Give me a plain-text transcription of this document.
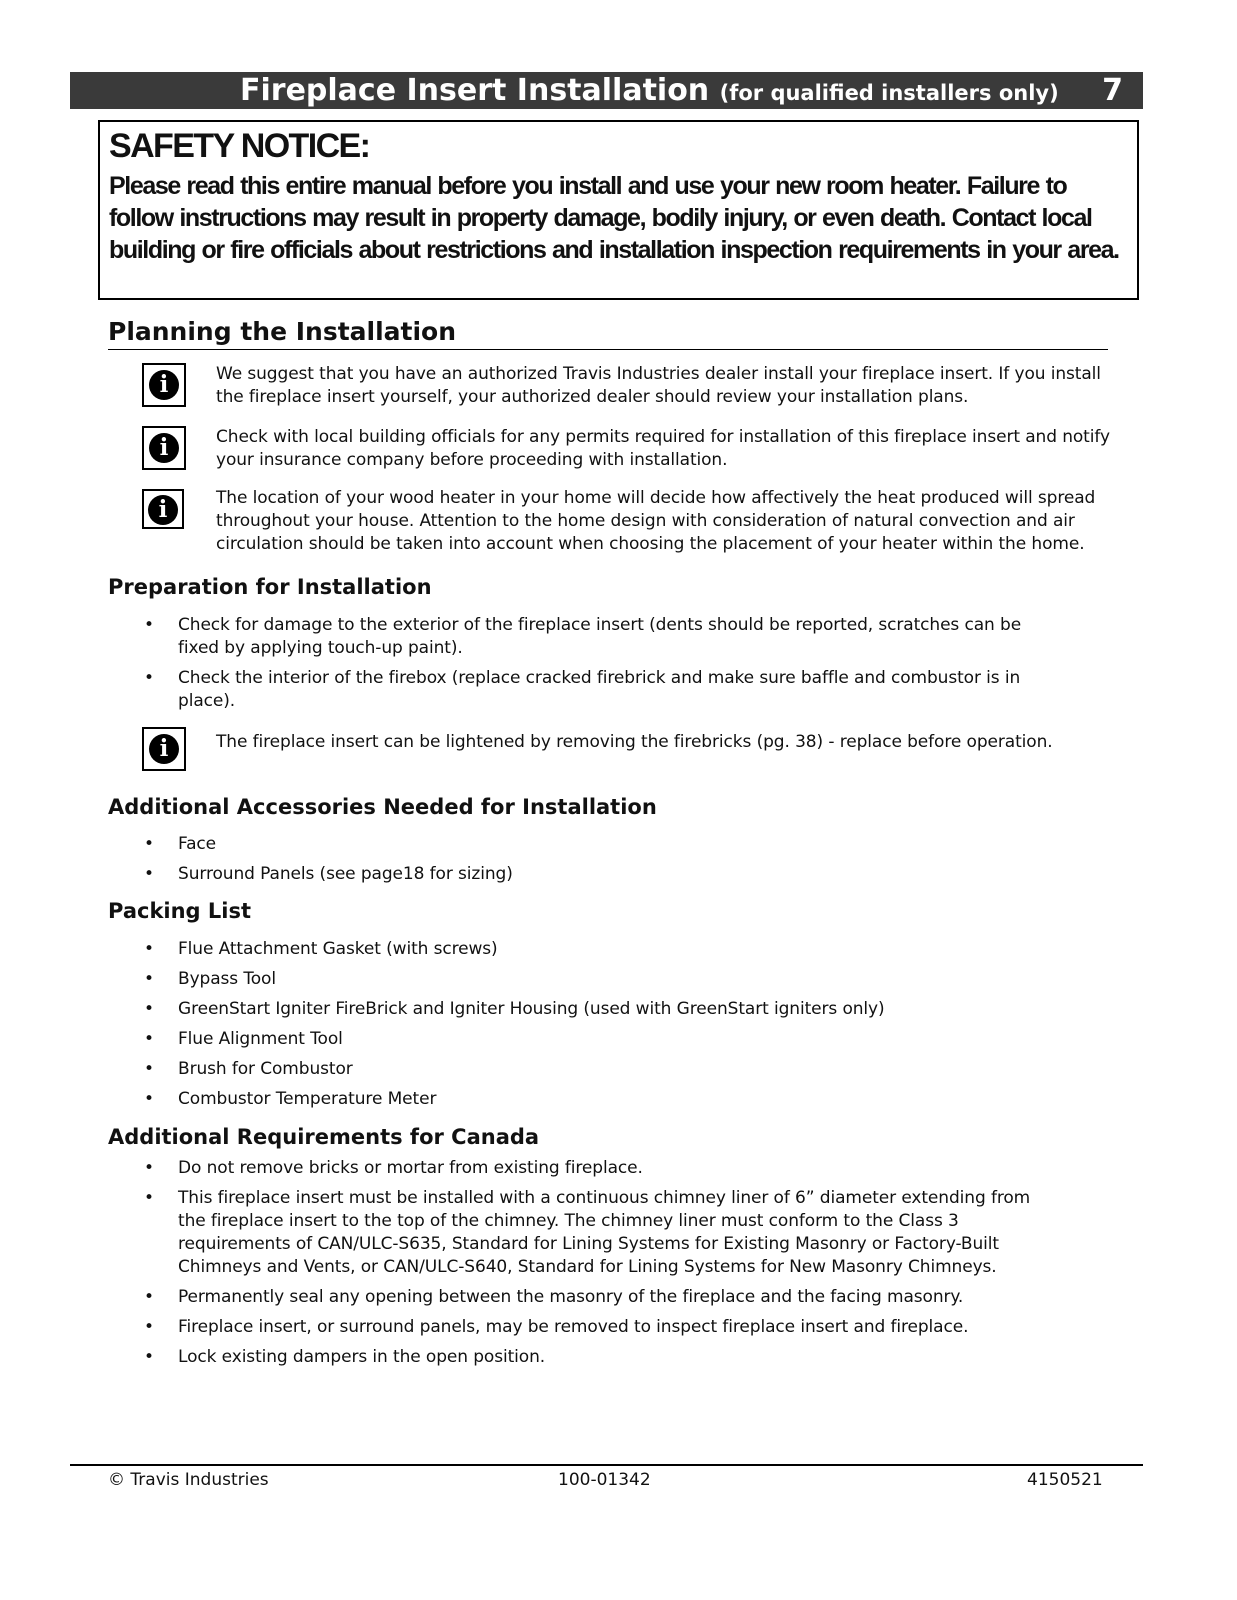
Fireplace Insert Installation (for qualified installers only) 7

SAFETY NOTICE:

Please read this entire manual before you install and use your new room heater. Failure to follow instructions may result in property damage, bodily injury, or even death. Contact local building or fire officials about restrictions and installation inspection requirements in your area.

Planning the Installation
i	We suggest that you have an authorized Travis Industries dealer install your fireplace insert. If you install the fireplace insert yourself, your authorized dealer should review your installation plans.

i	Check with local building officials for any permits required for installation of this fireplace insert and notify your insurance company before proceeding with installation.

i	The location of your wood heater in your home will decide how affectively the heat produced will spread throughout your house. Attention to the home design with consideration of natural convection and air circulation should be taken into account when choosing the placement of your heater within the home.

Preparation for Installation
• Check for damage to the exterior of the fireplace insert (dents should be reported, scratches can be fixed by applying touch-up paint).
• Check the interior of the firebox (replace cracked firebrick and make sure baffle and combustor is in place).
i	The fireplace insert can be lightened by removing the firebricks (pg. 38) - replace before operation.

Additional Accessories Needed for Installation
• Face
• Surround Panels (see page18 for sizing)
Packing List
• Flue Attachment Gasket (with screws)
• Bypass Tool
• GreenStart Igniter FireBrick and Igniter Housing (used with GreenStart igniters only)
• Flue Alignment Tool
• Brush for Combustor
• Combustor Temperature Meter
Additional Requirements for Canada
• Do not remove bricks or mortar from existing fireplace.
• This fireplace insert must be installed with a continuous chimney liner of 6” diameter extending from the fireplace insert to the top of the chimney. The chimney liner must conform to the Class 3 requirements of CAN/ULC-S635, Standard for Lining Systems for Existing Masonry or Factory-Built Chimneys and Vents, or CAN/ULC-S640, Standard for Lining Systems for New Masonry Chimneys.
• Permanently seal any opening between the masonry of the fireplace and the facing masonry.
• Fireplace insert, or surround panels, may be removed to inspect fireplace insert and fireplace.
• Lock existing dampers in the open position.
© Travis Industries	100-01342	4150521
